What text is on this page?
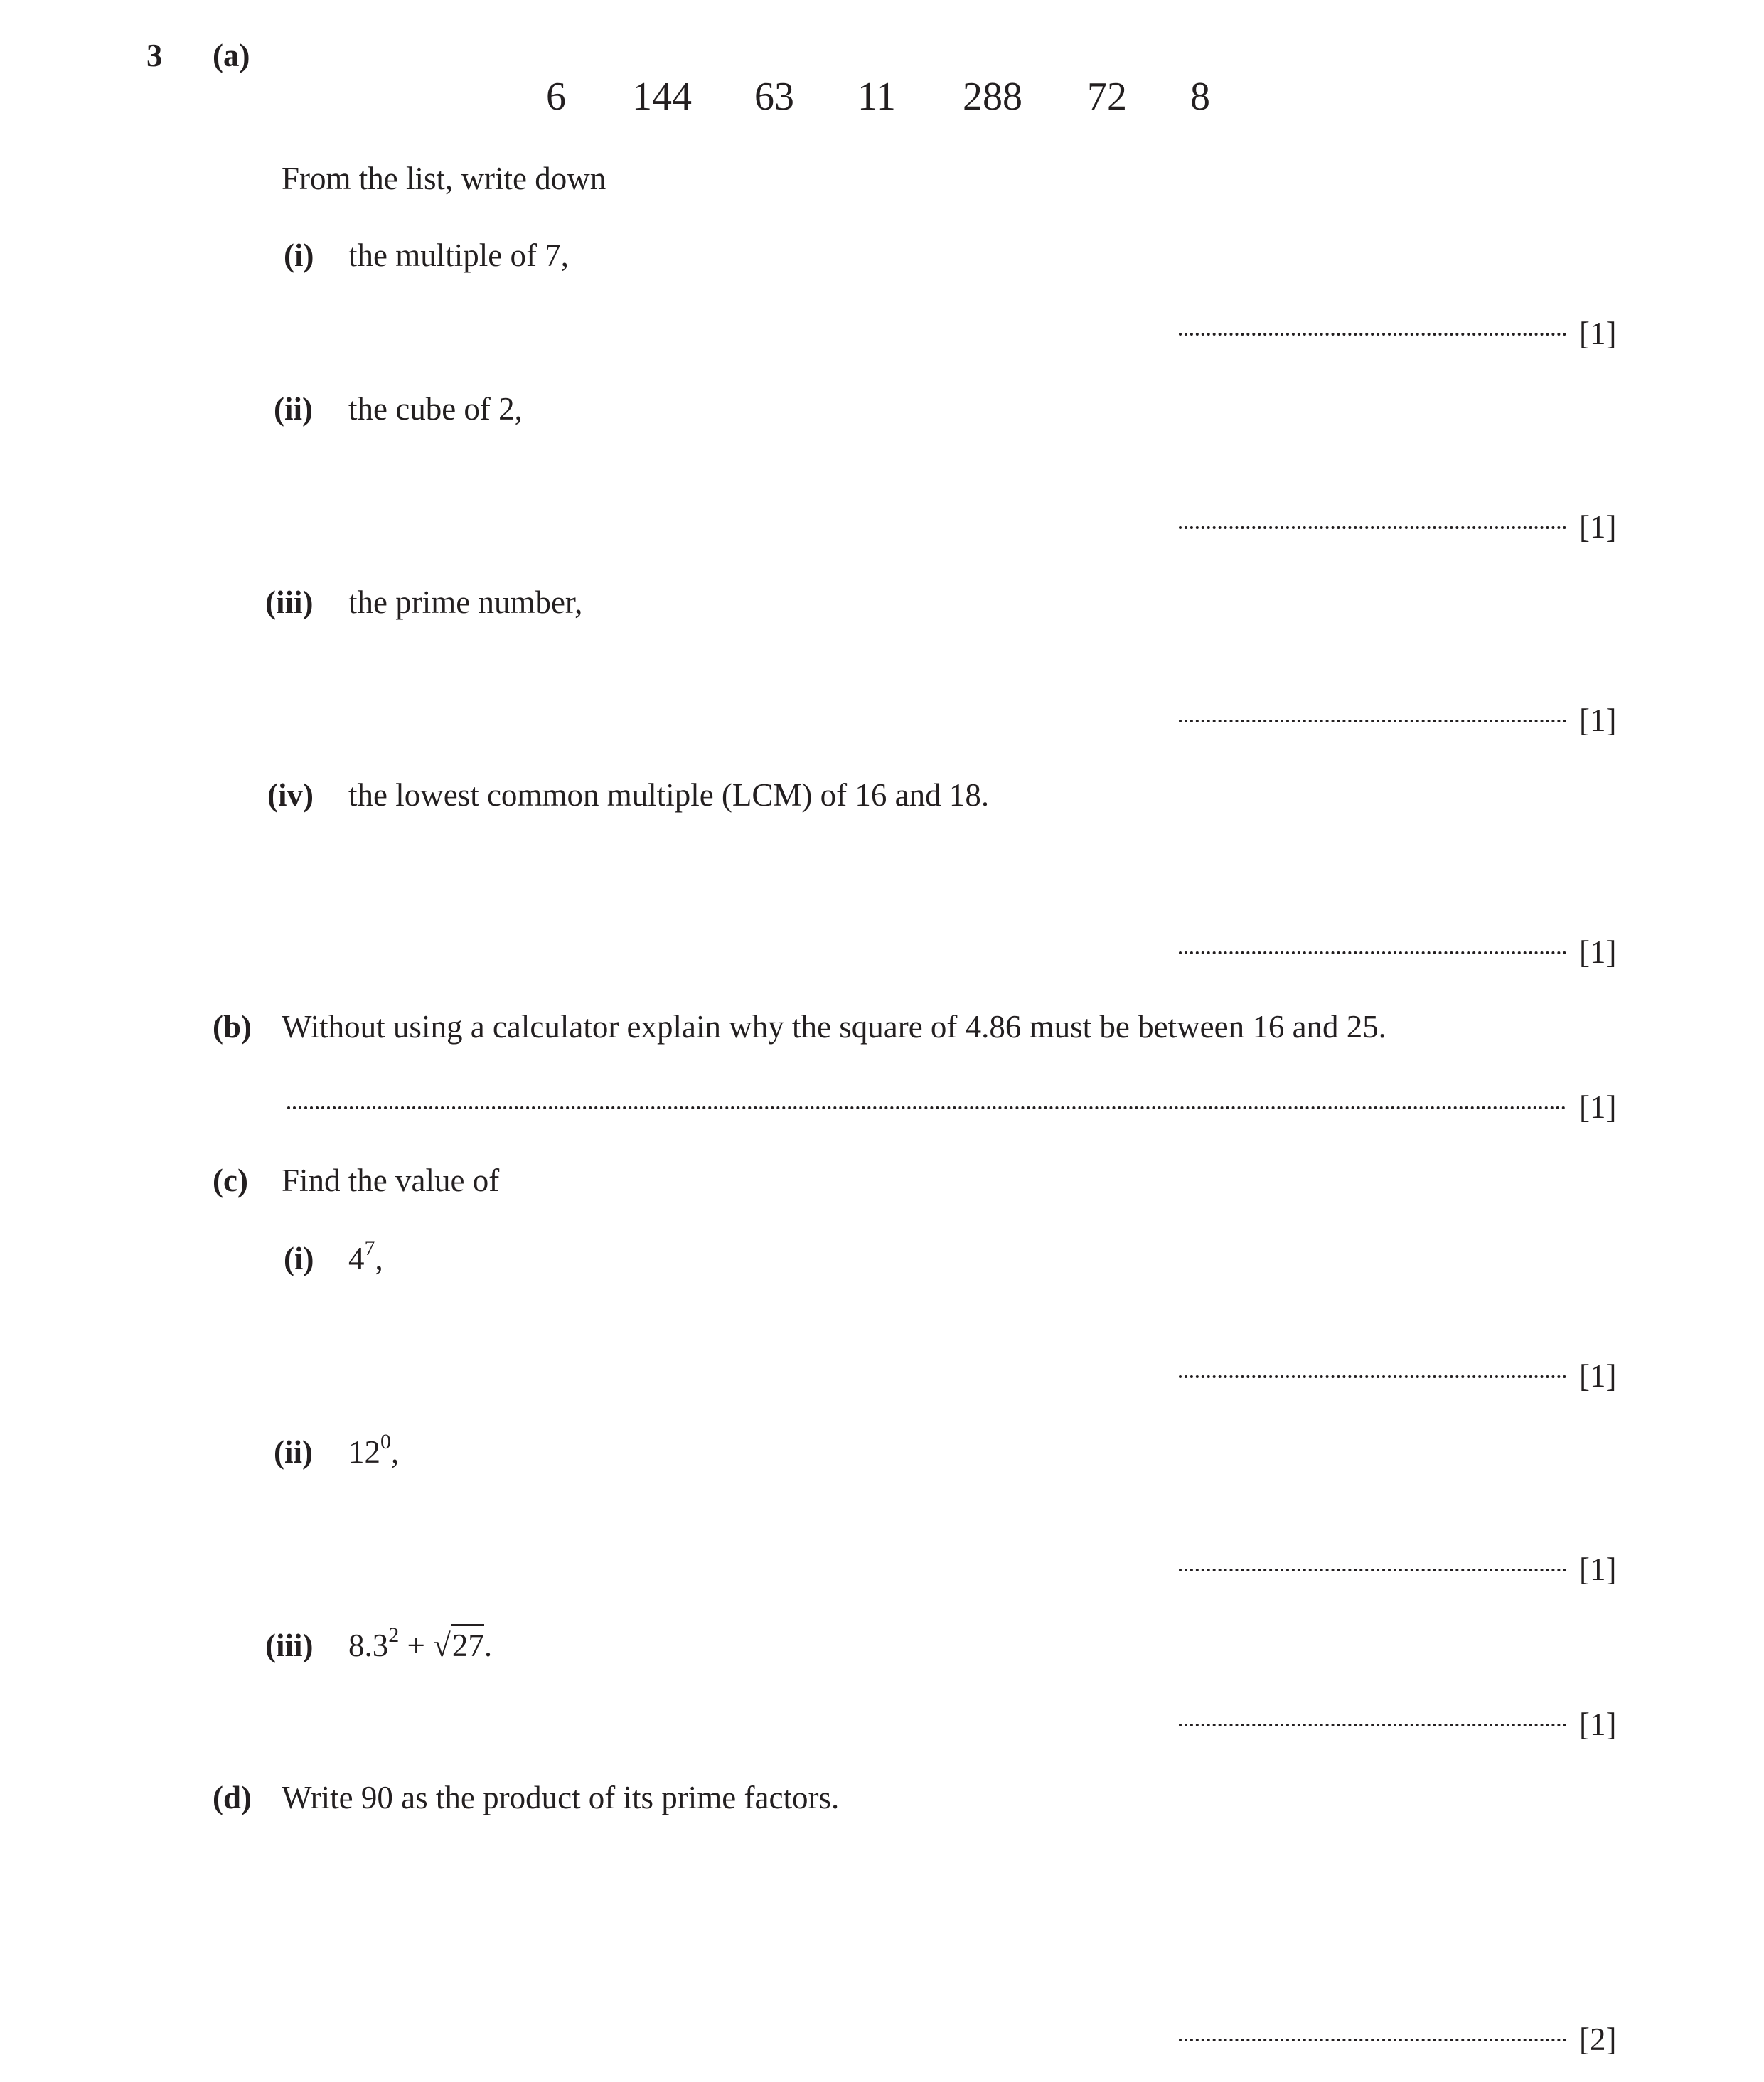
3 (a)
6 144 63 11 288 72 8
From the list, write down
(i) the multiple of 7,
[1]
(ii) the cube of 2,
[1]
(iii) the prime number,
[1]
(iv) the lowest common multiple (LCM) of 16 and 18.
[1]
(b) Without using a calculator explain why the square of 4.86 must be between 16 and 25.
[1]
(c) Find the value of
(i) $4^7$,
[1]
(ii) $12^0$,
[1]
(iii) $8.3^2 + √27$.
[1]
(d) Write 90 as the product of its prime factors.
[2]
